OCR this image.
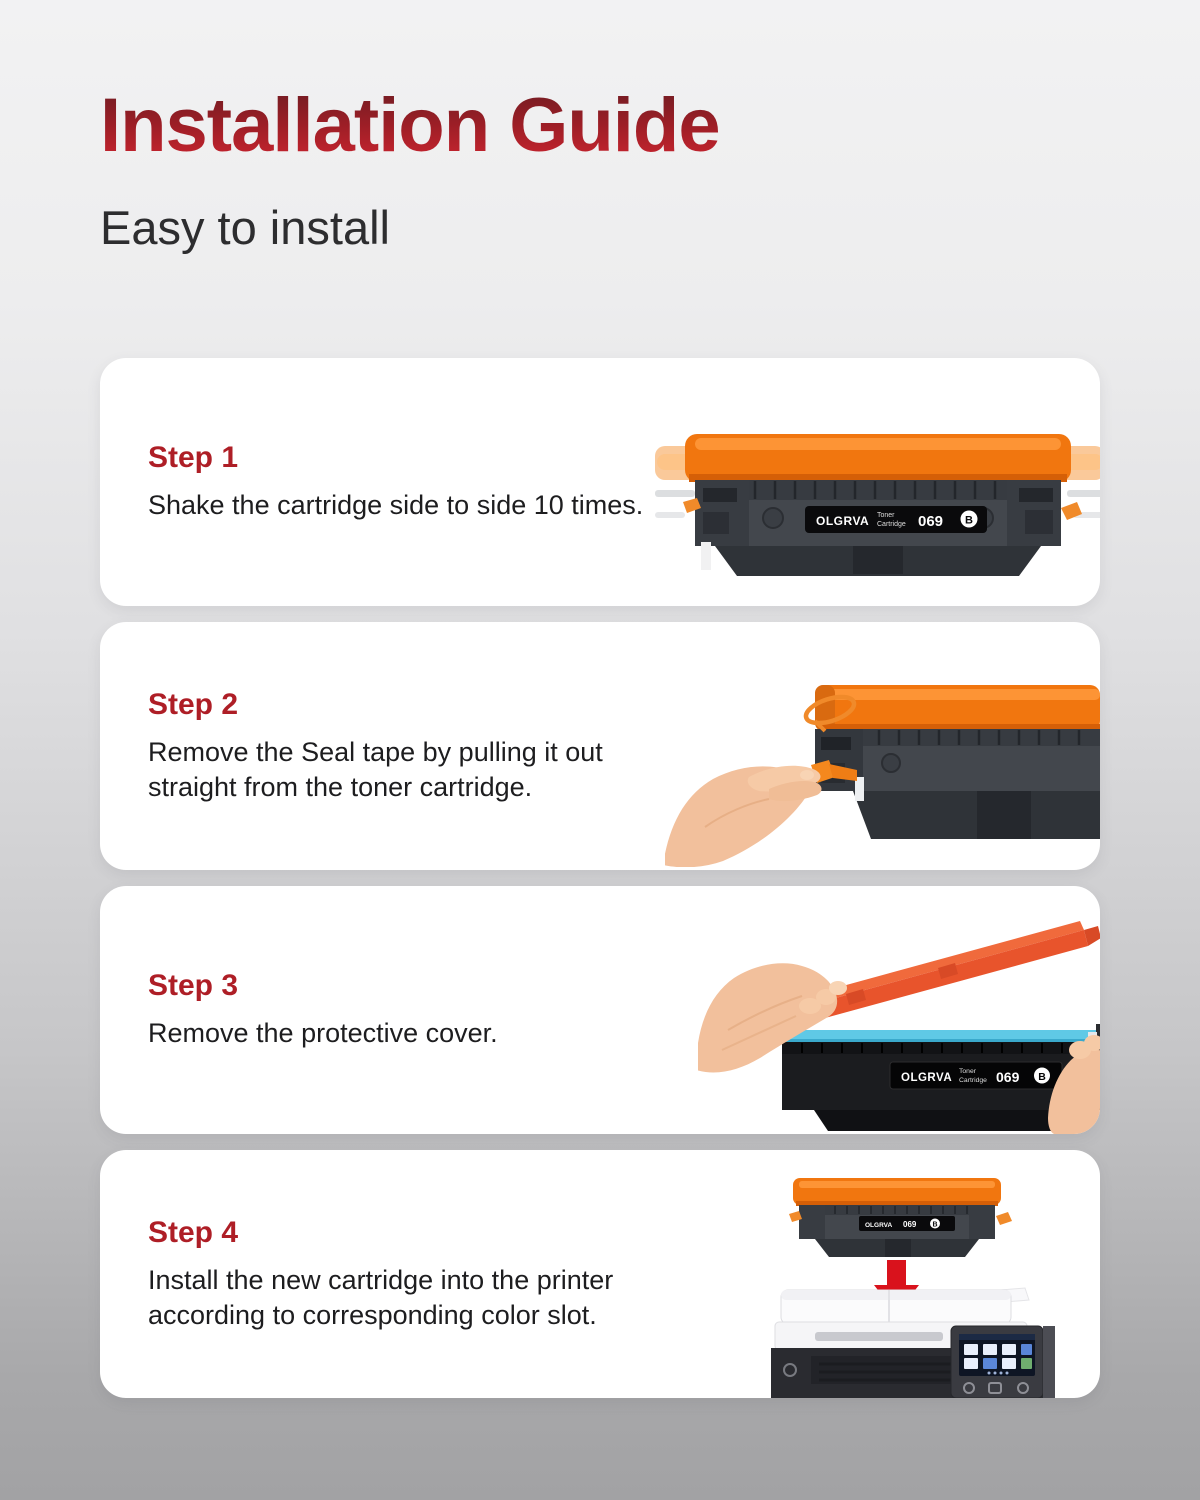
Installation Guide
Easy to install
Step 1
Shake the cartridge side to side 10 times.
OLGRVA Toner
Cartridge 069 B
Step 2
Remove the Seal tape by pulling it out
straight from the toner cartridge.
Step 3
Remove the protective cover.
OLGRVA
Toner
Cartridge 069 B
Step 4
Install the new cartridge into the printer
according to corresponding color slot.
OLGRVA 069 B
